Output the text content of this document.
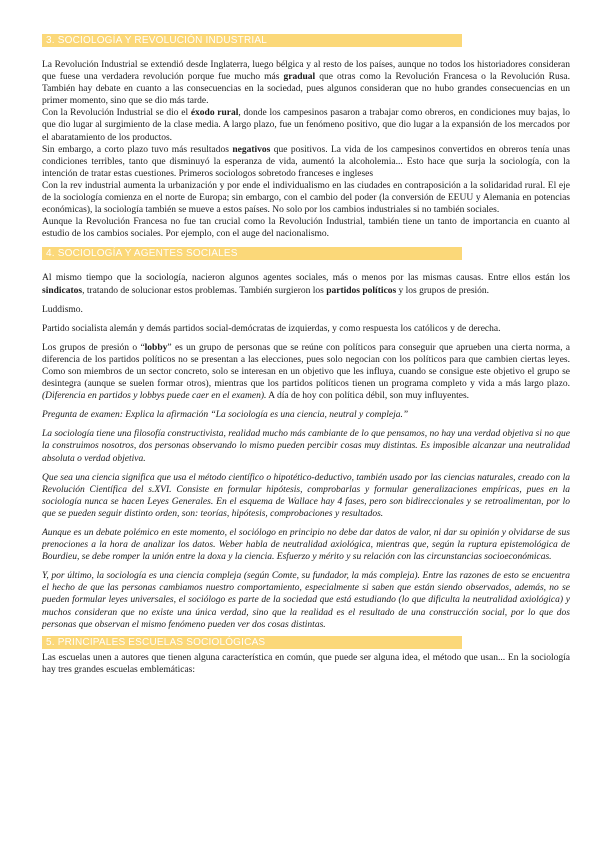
3. SOCIOLOGÍA Y REVOLUCIÓN INDUSTRIAL

La Revolución Industrial se extendió desde Inglaterra, luego bélgica y al resto de los países, aunque no todos los historiadores consideran que fuese una verdadera revolución porque fue mucho más gradual que otras como la Revolución Francesa o la Revolución Rusa. También hay debate en cuanto a las consecuencias en la sociedad, pues algunos consideran que no hubo grandes consecuencias en un primer momento, sino que se dio más tarde.

Con la Revolución Industrial se dio el éxodo rural, donde los campesinos pasaron a trabajar como obreros, en condiciones muy bajas, lo que dio lugar al surgimiento de la clase media. A largo plazo, fue un fenómeno positivo, que dio lugar a la expansión de los mercados por el abaratamiento de los productos.

Sin embargo, a corto plazo tuvo más resultados negativos que positivos. La vida de los campesinos convertidos en obreros tenía unas condiciones terribles, tanto que disminuyó la esperanza de vida, aumentó la alcoholemia... Esto hace que surja la sociología, con la intención de tratar estas cuestiones. Primeros sociologos sobretodo franceses e ingleses

Con la rev industrial aumenta la urbanización y por ende el individualismo en las ciudades en contraposición a la solidaridad rural. El eje de la sociología comienza en el norte de Europa; sin embargo, con el cambio del poder (la conversión de EEUU y Alemania en potencias económicas), la sociología también se mueve a estos países. No solo por los cambios industriales si no también sociales.

Aunque la Revolución Francesa no fue tan crucial como la Revolución Industrial, también tiene un tanto de importancia en cuanto al estudio de los cambios sociales. Por ejemplo, con el auge del nacionalismo.

4. SOCIOLOGÍA Y AGENTES SOCIALES

Al mismo tiempo que la sociología, nacieron algunos agentes sociales, más o menos por las mismas causas. Entre ellos están los sindicatos, tratando de solucionar estos problemas. También surgieron los partidos políticos y los grupos de presión.

Luddismo.

Partido socialista alemán y demás partidos social-demócratas de izquierdas, y como respuesta los católicos y de derecha.

Los grupos de presión o “lobby” es un grupo de personas que se reúne con políticos para conseguir que aprueben una cierta norma, a diferencia de los partidos políticos no se presentan a las elecciones, pues solo negocian con los políticos para que cambien ciertas leyes. Como son miembros de un sector concreto, solo se interesan en un objetivo que les influya, cuando se consigue este objetivo el grupo se desintegra (aunque se suelen formar otros), mientras que los partidos políticos tienen un programa completo y vida a más largo plazo. (Diferencia en partidos y lobbys puede caer en el examen). A día de hoy con política débil, son muy influyentes.

Pregunta de examen: Explica la afirmación “La sociología es una ciencia, neutral y compleja.”

La sociología tiene una filosofía constructivista, realidad mucho más cambiante de lo que pensamos, no hay una verdad objetiva si no que la construimos nosotros, dos personas observando lo mismo pueden percibir cosas muy distintas. Es imposible alcanzar una neutralidad absoluta o verdad objetiva.

Que sea una ciencia significa que usa el método científico o hipotético-deductivo, también usado por las ciencias naturales, creado con la Revolución Científica del s.XVI. Consiste en formular hipótesis, comprobarlas y formular generalizaciones empíricas, pues en la sociología nunca se hacen Leyes Generales. En el esquema de Wallace hay 4 fases, pero son bidireccionales y se retroalimentan, por lo que se pueden seguir distinto orden, son: teorías, hipótesis, comprobaciones y resultados.

Aunque es un debate polémico en este momento, el sociólogo en principio no debe dar datos de valor, ni dar su opinión y olvidarse de sus prenociones a la hora de analizar los datos. Weber habla de neutralidad axiológica, mientras que, según la ruptura epistemológica de Bourdieu, se debe romper la unión entre la doxa y la ciencia. Esfuerzo y mérito y su relación con las circunstancias socioeconómicas.

Y, por último, la sociología es una ciencia compleja (según Comte, su fundador, la más compleja). Entre las razones de esto se encuentra el hecho de que las personas cambiamos nuestro comportamiento, especialmente si saben que están siendo observados, además, no se pueden formular leyes universales, el sociólogo es parte de la sociedad que está estudiando (lo que dificulta la neutralidad axiológica) y muchos consideran que no existe una única verdad, sino que la realidad es el resultado de una construcción social, por lo que dos personas que observan el mismo fenómeno pueden ver dos cosas distintas.

5. PRINCIPALES ESCUELAS SOCIOLÓGICAS

Las escuelas unen a autores que tienen alguna característica en común, que puede ser alguna idea, el método que usan... En la sociología hay tres grandes escuelas emblemáticas:
